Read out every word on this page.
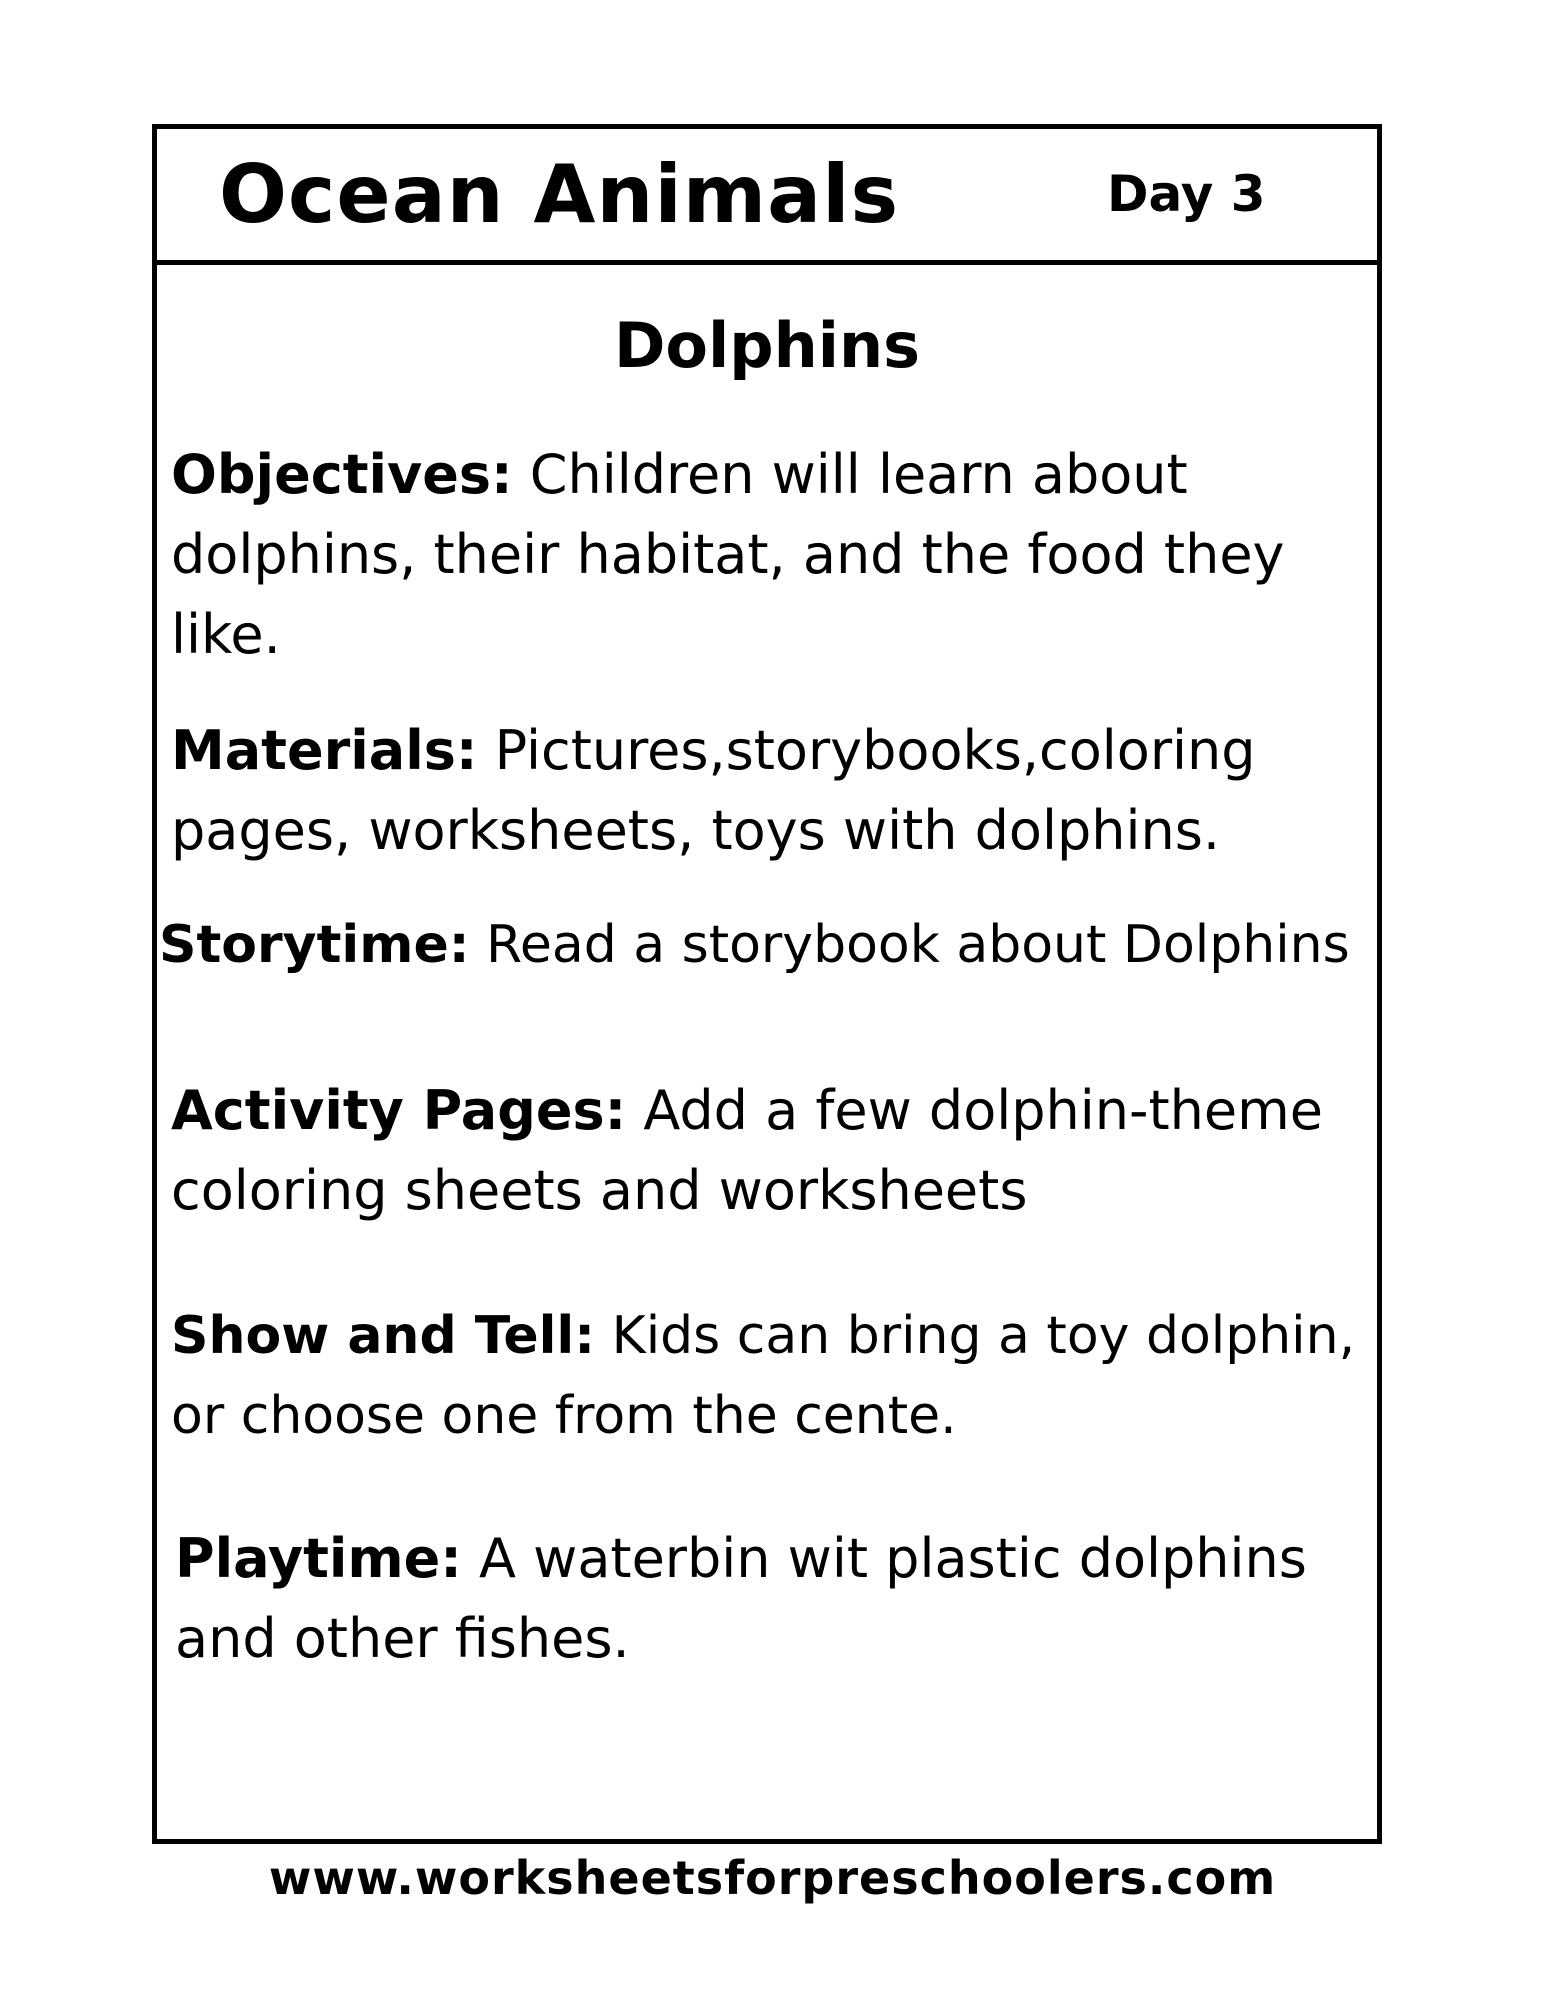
Ocean Animals	Day 3
Dolphins
Objectives: Children will learn about dolphins, their habitat, and the food they like.
Materials: Pictures,storybooks,coloring pages, worksheets, toys with dolphins.
Storytime: Read a storybook about Dolphins
Activity Pages: Add a few dolphin-theme coloring sheets and worksheets
Show and Tell: Kids can bring a toy dolphin, or choose one from the cente.
Playtime: A waterbin wit plastic dolphins and other fishes.
www.worksheetsforpreschoolers.com
